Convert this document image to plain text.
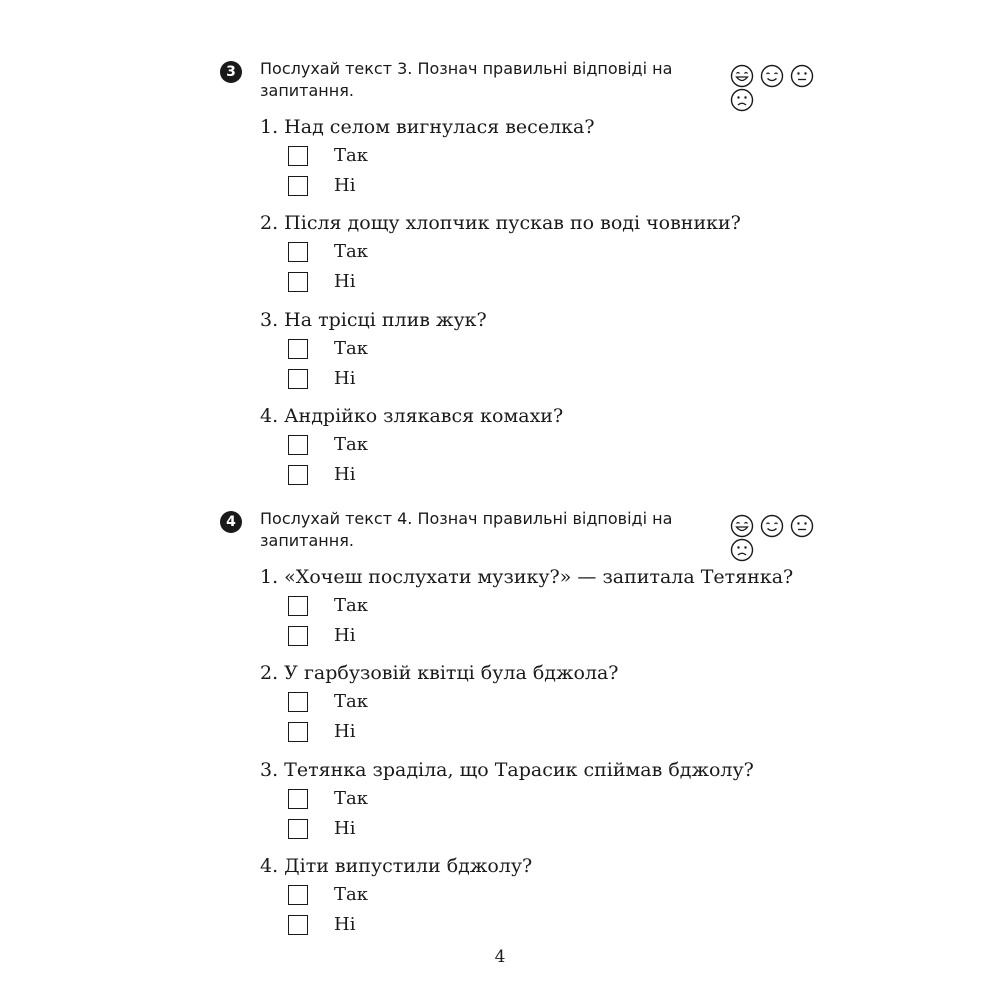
3	Послухай текст 3. Познач правильні відповіді на запитання.

1. Над селом вигнулася веселка?
Так
Ні
2. Після дощу хлопчик пускав по воді човники?
Так
Ні
3. На трісці плив жук?
Так
Ні
4. Андрійко злякався комахи?
Так
Ні
4	Послухай текст 4. Познач правильні відповіді на запитання.

1. «Хочеш послухати музику?» — запитала Тетянка?
Так
Ні
2. У гарбузовій квітці була бджола?
Так
Ні
3. Тетянка зраділа, що Тарасик спіймав бджолу?
Так
Ні
4. Діти випустили бджолу?
Так
Ні
4
